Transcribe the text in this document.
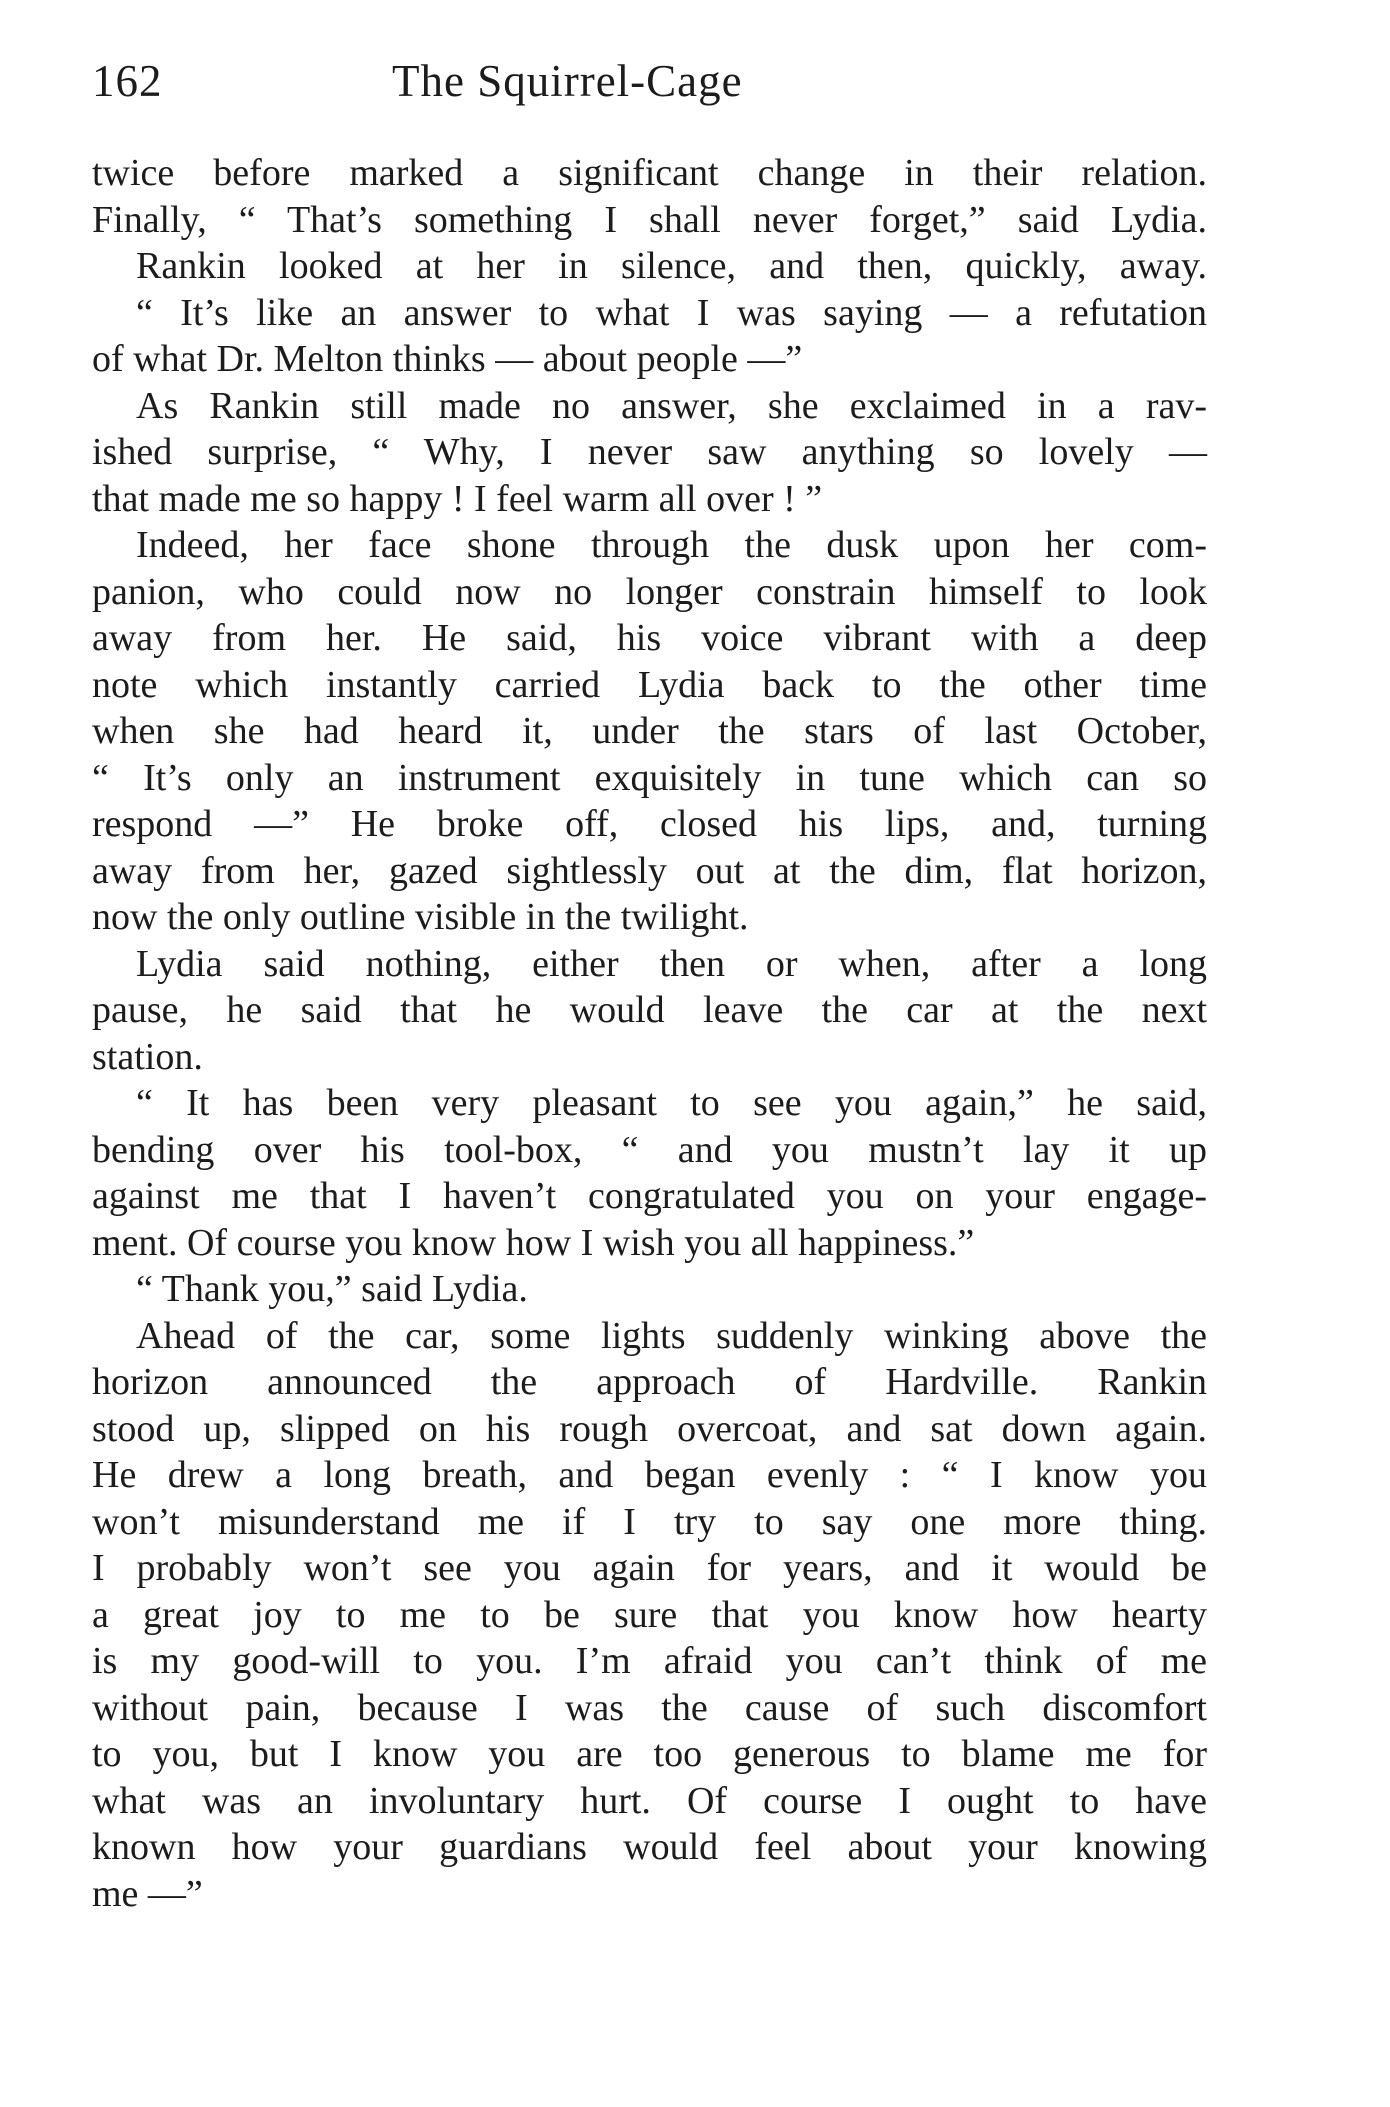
162	The Squirrel-Cage
twice before marked a significant change in their relation.
Finally, “ That’s something I shall never forget,” said Lydia.
Rankin looked at her in silence, and then, quickly, away.
“ It’s like an answer to what I was saying — a refutation
of what Dr. Melton thinks — about people —”
As Rankin still made no answer, she exclaimed in a rav-
ished surprise, “ Why, I never saw anything so lovely —
that made me so happy ! I feel warm all over ! ”
Indeed, her face shone through the dusk upon her com-
panion, who could now no longer constrain himself to look
away from her. He said, his voice vibrant with a deep
note which instantly carried Lydia back to the other time
when she had heard it, under the stars of last October,
“ It’s only an instrument exquisitely in tune which can so
respond —” He broke off, closed his lips, and, turning
away from her, gazed sightlessly out at the dim, flat horizon,
now the only outline visible in the twilight.
Lydia said nothing, either then or when, after a long
pause, he said that he would leave the car at the next
station.
“ It has been very pleasant to see you again,” he said,
bending over his tool-box, “ and you mustn’t lay it up
against me that I haven’t congratulated you on your engage-
ment. Of course you know how I wish you all happiness.”
“ Thank you,” said Lydia.
Ahead of the car, some lights suddenly winking above the
horizon announced the approach of Hardville. Rankin
stood up, slipped on his rough overcoat, and sat down again.
He drew a long breath, and began evenly : “ I know you
won’t misunderstand me if I try to say one more thing.
I probably won’t see you again for years, and it would be
a great joy to me to be sure that you know how hearty
is my good-will to you. I’m afraid you can’t think of me
without pain, because I was the cause of such discomfort
to you, but I know you are too generous to blame me for
what was an involuntary hurt. Of course I ought to have
known how your guardians would feel about your knowing
me —”
